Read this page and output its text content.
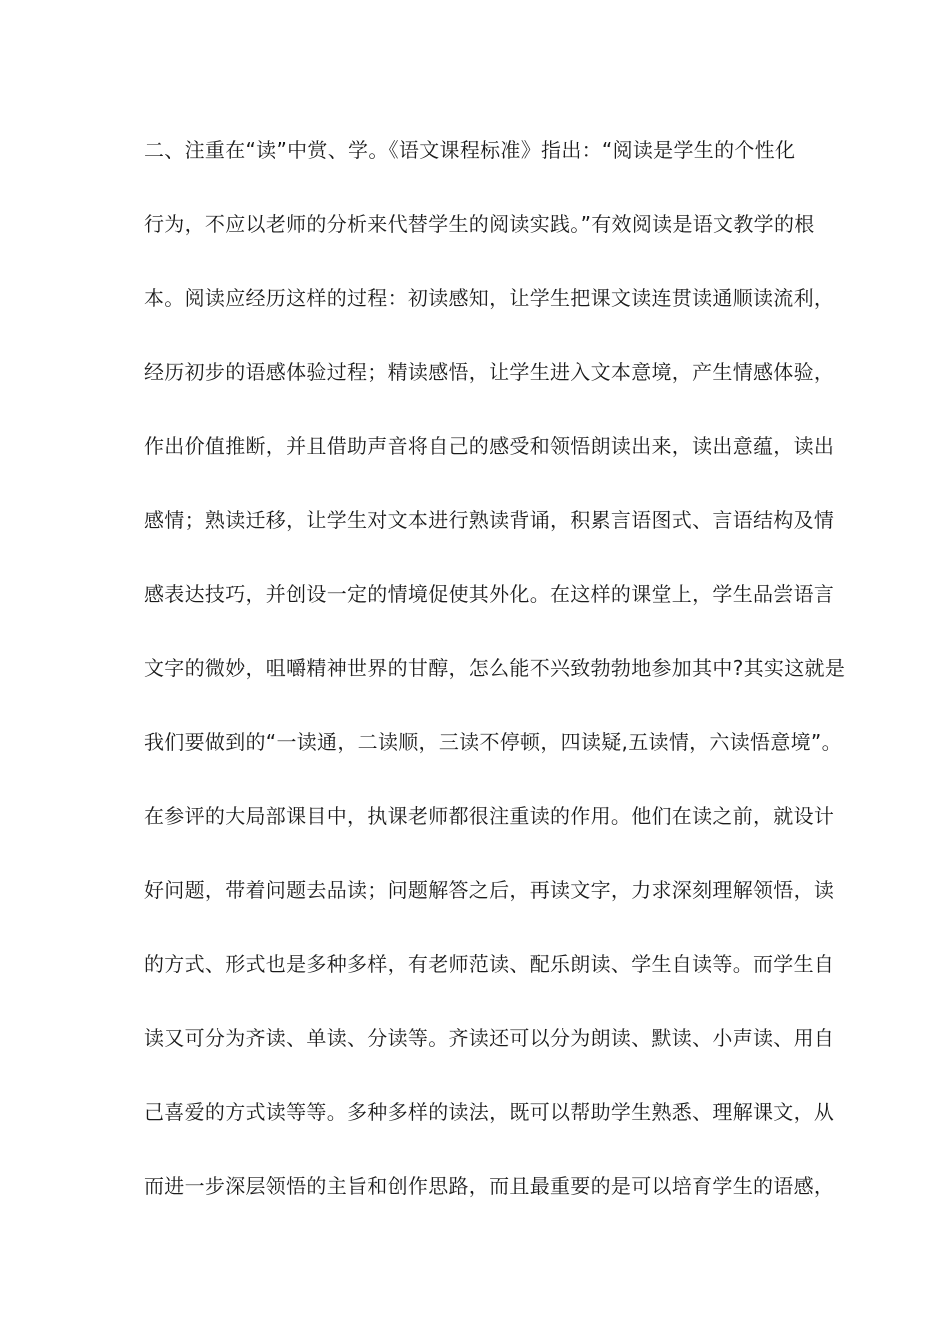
二、注重在“读”中赏、学。《语文课程标准》指出：“阅读是学生的个性化
行为，不应以老师的分析来代替学生的阅读实践。”有效阅读是语文教学的根
本。阅读应经历这样的过程：初读感知，让学生把课文读连贯读通顺读流利，
经历初步的语感体验过程；精读感悟，让学生进入文本意境，产生情感体验，
作出价值推断，并且借助声音将自己的感受和领悟朗读出来，读出意蕴，读出
感情；熟读迁移，让学生对文本进行熟读背诵，积累言语图式、言语结构及情
感表达技巧，并创设一定的情境促使其外化。在这样的课堂上，学生品尝语言
文字的微妙，咀嚼精神世界的甘醇，怎么能不兴致勃勃地参加其中?其实这就是
我们要做到的“一读通，二读顺，三读不停顿，四读疑,五读情，六读悟意境”。
在参评的大局部课目中，执课老师都很注重读的作用。他们在读之前，就设计
好问题，带着问题去品读；问题解答之后，再读文字，力求深刻理解领悟，读
的方式、形式也是多种多样，有老师范读、配乐朗读、学生自读等。而学生自
读又可分为齐读、单读、分读等。齐读还可以分为朗读、默读、小声读、用自
己喜爱的方式读等等。多种多样的读法，既可以帮助学生熟悉、理解课文，从
而进一步深层领悟的主旨和创作思路，而且最重要的是可以培育学生的语感，
